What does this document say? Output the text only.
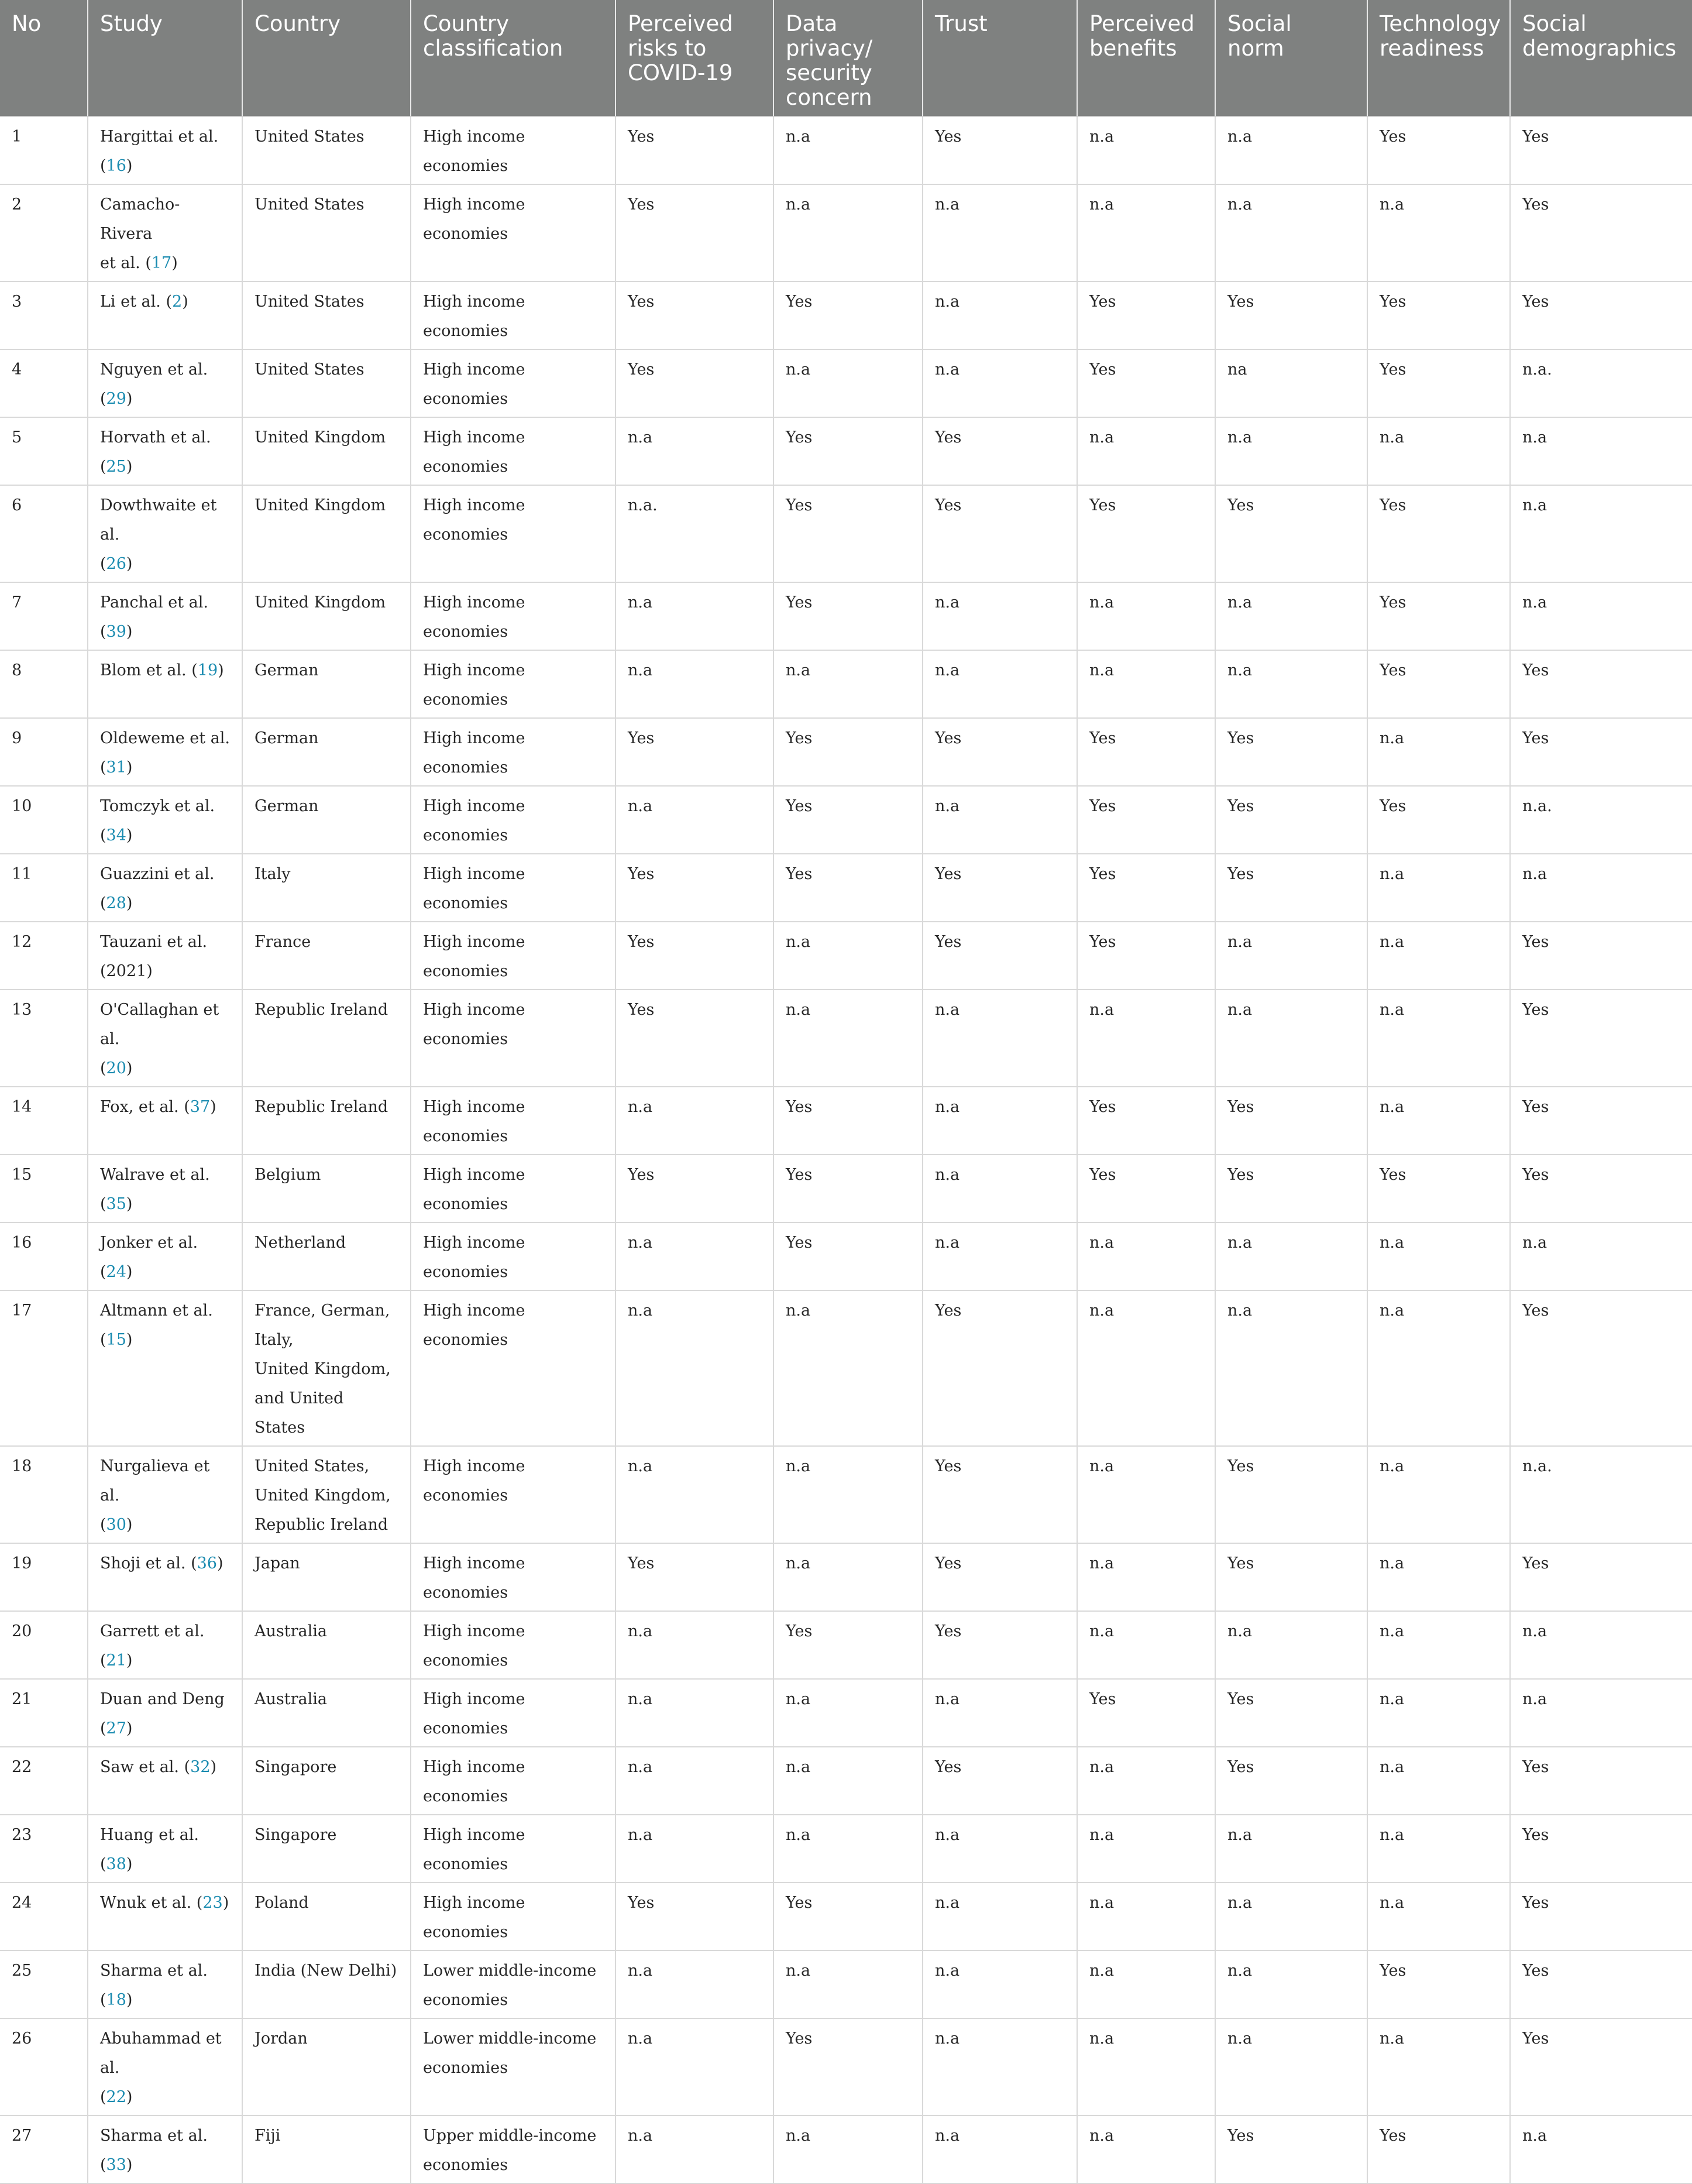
No	Study	Country	Country classification	Perceived risks to COVID-19	Data privacy/ security concern	Trust	Perceived benefits	Social norm	Technology readiness	Social demographics
1	Hargittai et al. (16)	United States	High income economies	Yes	n.a	Yes	n.a	n.a	Yes	Yes
2	Camacho-Rivera
et al. (17)	United States	High income economies	Yes	n.a	n.a	n.a	n.a	n.a	Yes
3	Li et al. (2)	United States	High income economies	Yes	Yes	n.a	Yes	Yes	Yes	Yes
4	Nguyen et al. (29)	United States	High income economies	Yes	n.a	n.a	Yes	na	Yes	n.a.
5	Horvath et al. (25)	United Kingdom	High income economies	n.a	Yes	Yes	n.a	n.a	n.a	n.a
6	Dowthwaite et al.
(26)	United Kingdom	High income economies	n.a.	Yes	Yes	Yes	Yes	Yes	n.a
7	Panchal et al. (39)	United Kingdom	High income economies	n.a	Yes	n.a	n.a	n.a	Yes	n.a
8	Blom et al. (19)	German	High income economies	n.a	n.a	n.a	n.a	n.a	Yes	Yes
9	Oldeweme et al.
(31)	German	High income economies	Yes	Yes	Yes	Yes	Yes	n.a	Yes
10	Tomczyk et al. (34)	German	High income economies	n.a	Yes	n.a	Yes	Yes	Yes	n.a.
11	Guazzini et al. (28)	Italy	High income economies	Yes	Yes	Yes	Yes	Yes	n.a	n.a
12	Tauzani et al.
(2021)	France	High income economies	Yes	n.a	Yes	Yes	n.a	n.a	Yes
13	O'Callaghan et al.
(20)	Republic Ireland	High income economies	Yes	n.a	n.a	n.a	n.a	n.a	Yes
14	Fox, et al. (37)	Republic Ireland	High income economies	n.a	Yes	n.a	Yes	Yes	n.a	Yes
15	Walrave et al. (35)	Belgium	High income economies	Yes	Yes	n.a	Yes	Yes	Yes	Yes
16	Jonker et al. (24)	Netherland	High income economies	n.a	Yes	n.a	n.a	n.a	n.a	n.a
17	Altmann et al. (15)	France, German,
Italy,
United Kingdom,
and United States	High income economies	n.a	n.a	Yes	n.a	n.a	n.a	Yes
18	Nurgalieva et al.
(30)	United States,
United Kingdom,
Republic Ireland	High income economies	n.a	n.a	Yes	n.a	Yes	n.a	n.a.
19	Shoji et al. (36)	Japan	High income economies	Yes	n.a	Yes	n.a	Yes	n.a	Yes
20	Garrett et al. (21)	Australia	High income economies	n.a	Yes	Yes	n.a	n.a	n.a	n.a
21	Duan and Deng
(27)	Australia	High income economies	n.a	n.a	n.a	Yes	Yes	n.a	n.a
22	Saw et al. (32)	Singapore	High income economies	n.a	n.a	Yes	n.a	Yes	n.a	Yes
23	Huang et al. (38)	Singapore	High income economies	n.a	n.a	n.a	n.a	n.a	n.a	Yes
24	Wnuk et al. (23)	Poland	High income economies	Yes	Yes	n.a	n.a	n.a	n.a	Yes
25	Sharma et al. (18)	India (New Delhi)	Lower middle-income
economies	n.a	n.a	n.a	n.a	n.a	Yes	Yes
26	Abuhammad et al.
(22)	Jordan	Lower middle-income
economies	n.a	Yes	n.a	n.a	n.a	n.a	Yes
27	Sharma et al. (33)	Fiji	Upper middle-income
economies	n.a	n.a	n.a	n.a	Yes	Yes	n.a
